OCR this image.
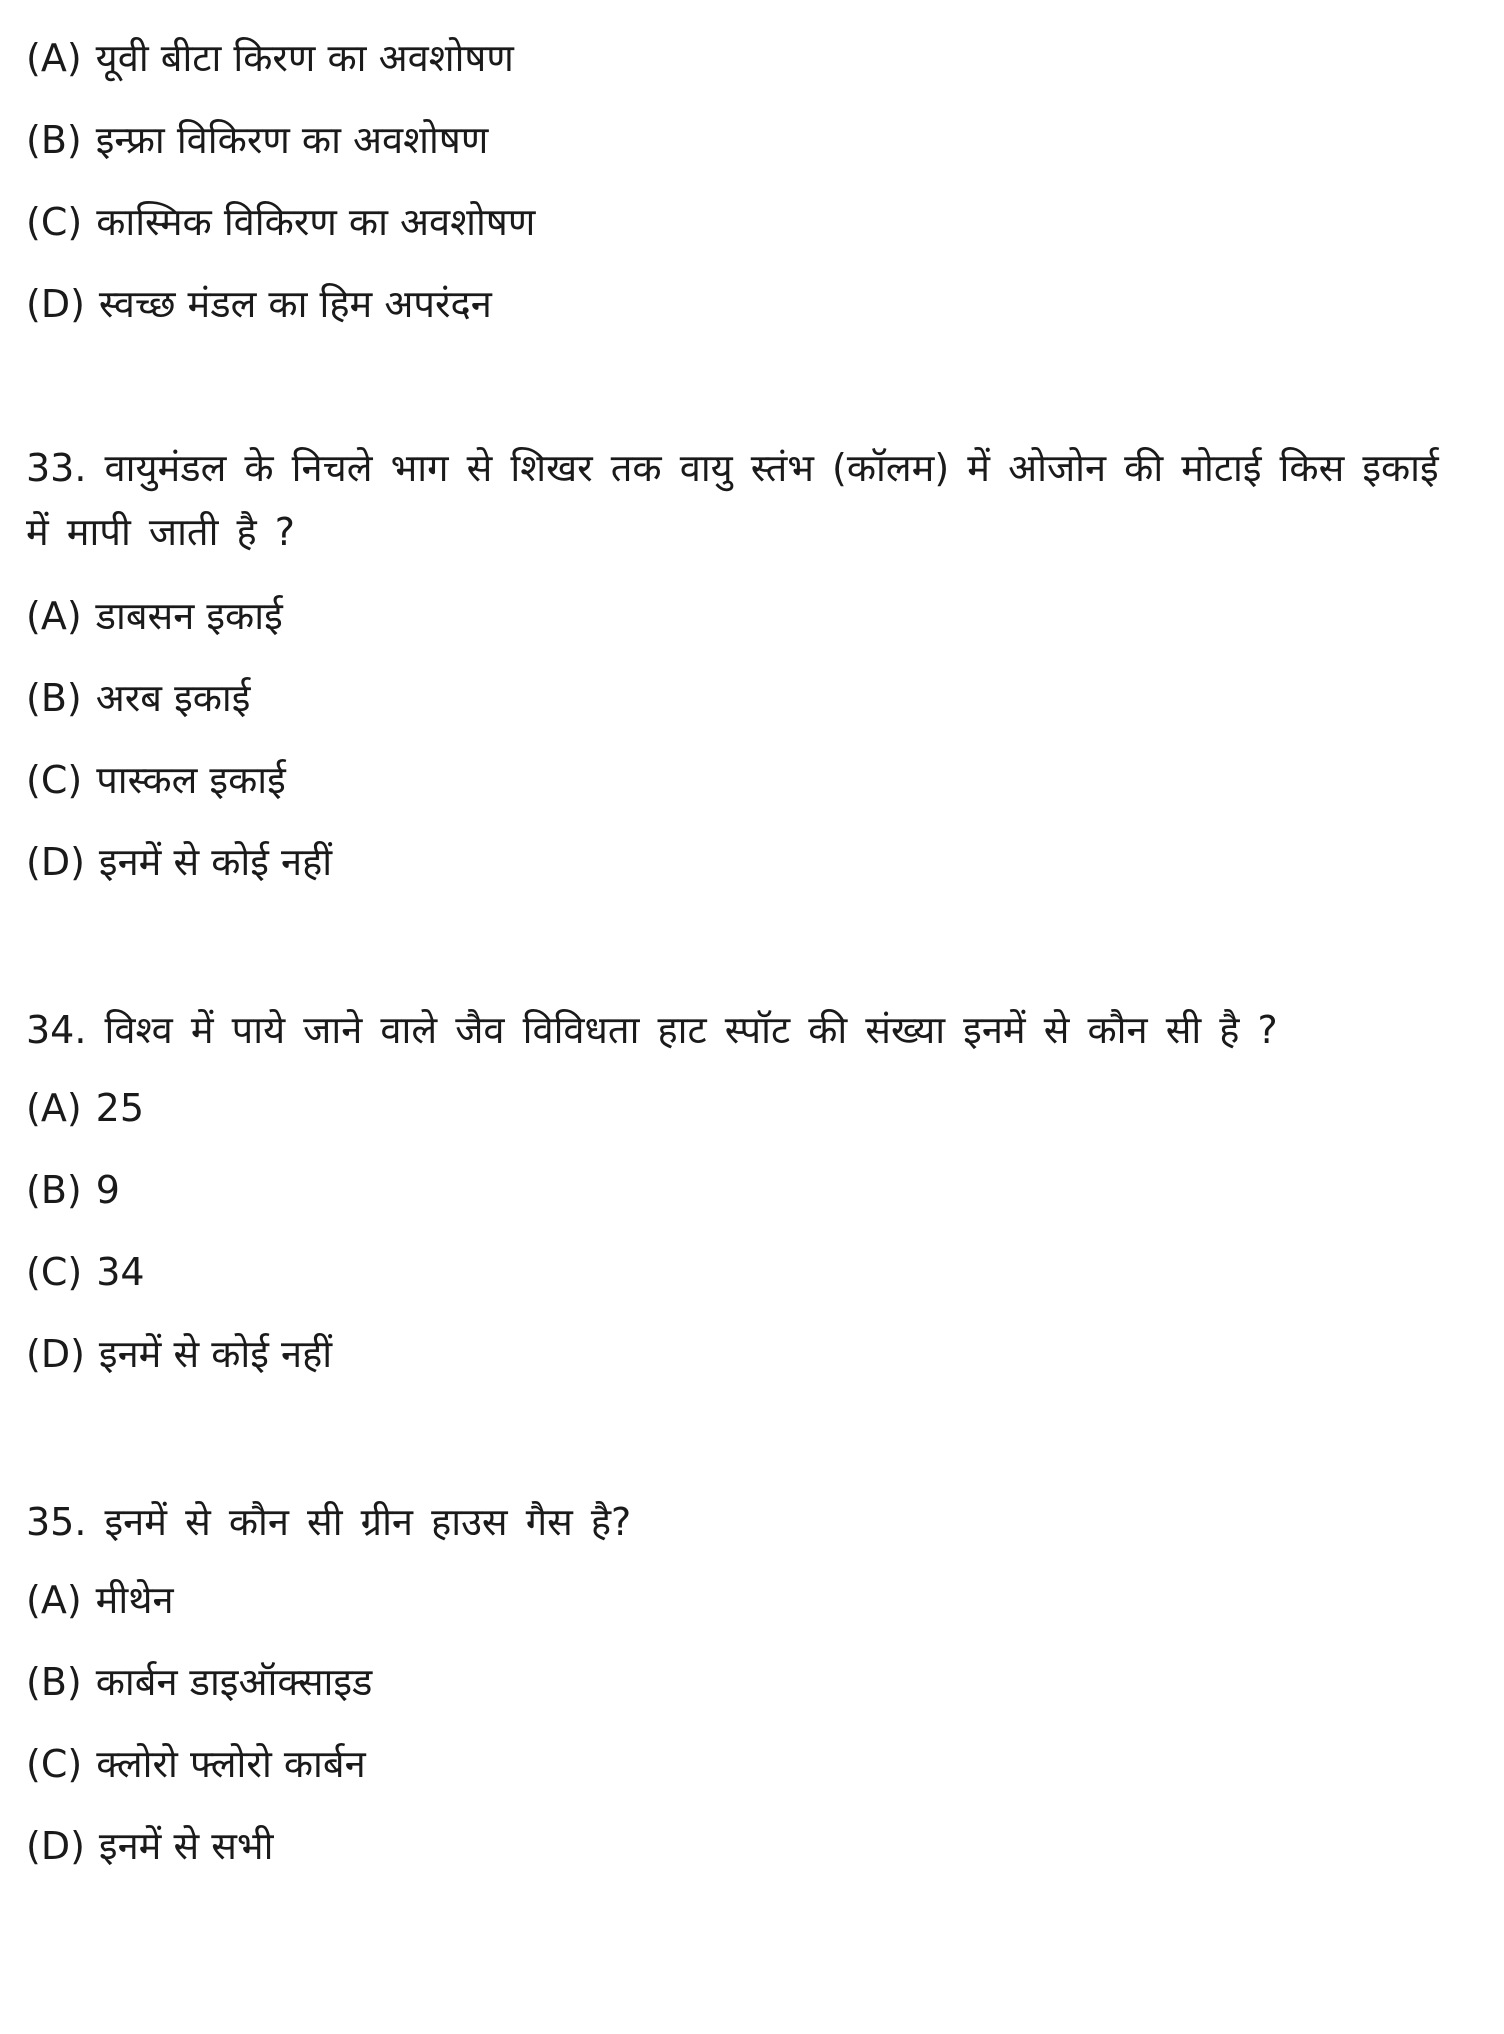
(A) यूवी बीटा किरण का अवशोषण
(B) इन्फ्रा विकिरण का अवशोषण
(C) कास्मिक विकिरण का अवशोषण
(D) स्वच्छ मंडल का हिम अपरंदन
33. वायुमंडल के निचले भाग से शिखर तक वायु स्तंभ (कॉलम) में ओजोन की मोटाई किस इकाई में मापी जाती है ?
(A) डाबसन इकाई
(B) अरब इकाई
(C) पास्कल इकाई
(D) इनमें से कोई नहीं
34. विश्व में पाये जाने वाले जैव विविधता हाट स्पॉट की संख्या इनमें से कौन सी है ?
(A) 25
(B) 9
(C) 34
(D) इनमें से कोई नहीं
35. इनमें से कौन सी ग्रीन हाउस गैस है?
(A) मीथेन
(B) कार्बन डाइऑक्साइड
(C) क्लोरो फ्लोरो कार्बन
(D) इनमें से सभी
